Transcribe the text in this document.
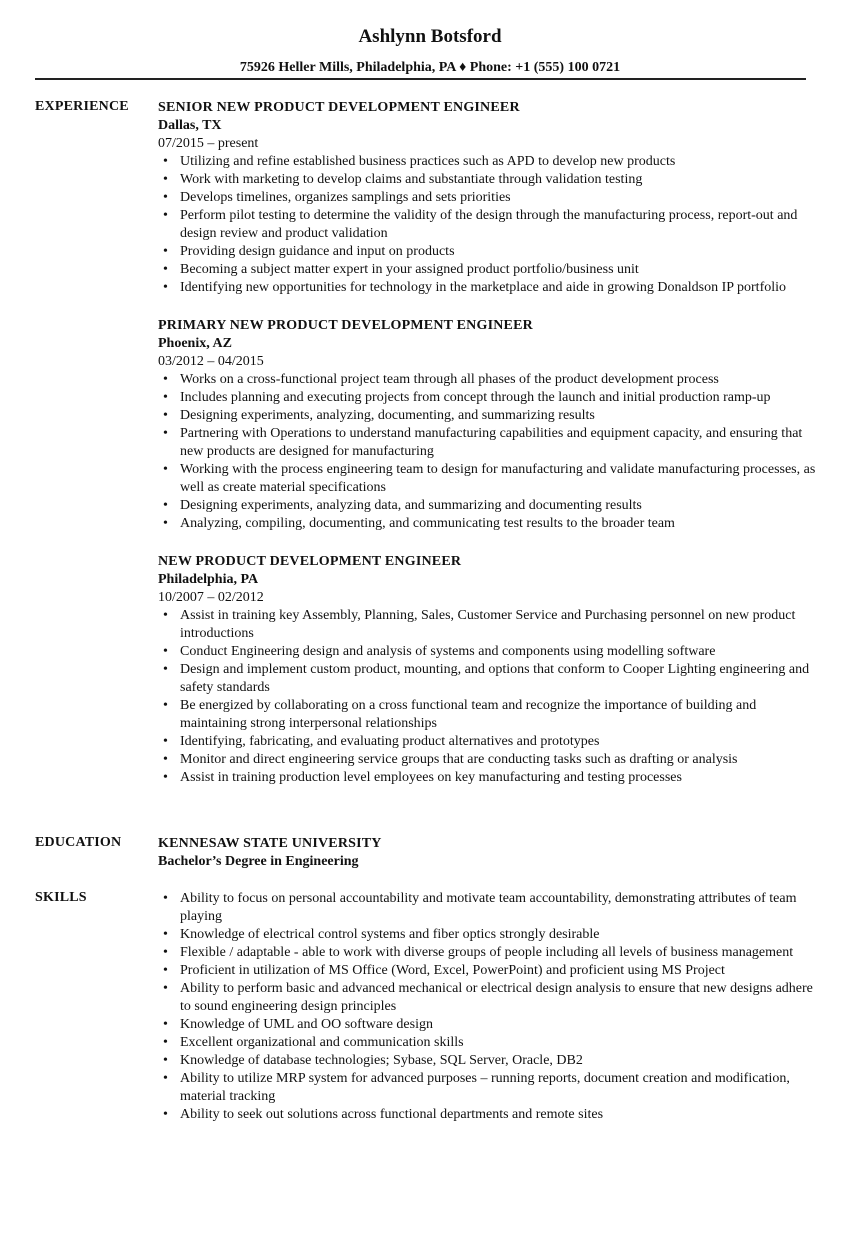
Ashlynn Botsford
75926 Heller Mills, Philadelphia, PA ♦ Phone: +1 (555) 100 0721
EXPERIENCE SENIOR NEW PRODUCT DEVELOPMENT ENGINEER
Dallas, TX
07/2015 – present
• Utilizing and refine established business practices such as APD to develop new products
• Work with marketing to develop claims and substantiate through validation testing
• Develops timelines, organizes samplings and sets priorities
• Perform pilot testing to determine the validity of the design through the manufacturing process, report-out and design review and product validation
• Providing design guidance and input on products
• Becoming a subject matter expert in your assigned product portfolio/business unit
• Identifying new opportunities for technology in the marketplace and aide in growing Donaldson IP portfolio
PRIMARY NEW PRODUCT DEVELOPMENT ENGINEER
Phoenix, AZ
03/2012 – 04/2015
• Works on a cross-functional project team through all phases of the product development process
• Includes planning and executing projects from concept through the launch and initial production ramp-up
• Designing experiments, analyzing, documenting, and summarizing results
• Partnering with Operations to understand manufacturing capabilities and equipment capacity, and ensuring that new products are designed for manufacturing
• Working with the process engineering team to design for manufacturing and validate manufacturing processes, as well as create material specifications
• Designing experiments, analyzing data, and summarizing and documenting results
• Analyzing, compiling, documenting, and communicating test results to the broader team
NEW PRODUCT DEVELOPMENT ENGINEER
Philadelphia, PA
10/2007 – 02/2012
• Assist in training key Assembly, Planning, Sales, Customer Service and Purchasing personnel on new product introductions
• Conduct Engineering design and analysis of systems and components using modelling software
• Design and implement custom product, mounting, and options that conform to Cooper Lighting engineering and safety standards
• Be energized by collaborating on a cross functional team and recognize the importance of building and maintaining strong interpersonal relationships
• Identifying, fabricating, and evaluating product alternatives and prototypes
• Monitor and direct engineering service groups that are conducting tasks such as drafting or analysis
• Assist in training production level employees on key manufacturing and testing processes
EDUCATION	KENNESAW STATE UNIVERSITY
Bachelor’s Degree in Engineering
SKILLS
•	Ability to focus on personal accountability and motivate team accountability, demonstrating attributes of team playing
• Knowledge of electrical control systems and fiber optics strongly desirable
• Flexible / adaptable - able to work with diverse groups of people including all levels of business management
• Proficient in utilization of MS Office (Word, Excel, PowerPoint) and proficient using MS Project
• Ability to perform basic and advanced mechanical or electrical design analysis to ensure that new designs adhere to sound engineering design principles
• Knowledge of UML and OO software design
• Excellent organizational and communication skills
• Knowledge of database technologies; Sybase, SQL Server, Oracle, DB2
• Ability to utilize MRP system for advanced purposes – running reports, document creation and modification, material tracking
• Ability to seek out solutions across functional departments and remote sites
